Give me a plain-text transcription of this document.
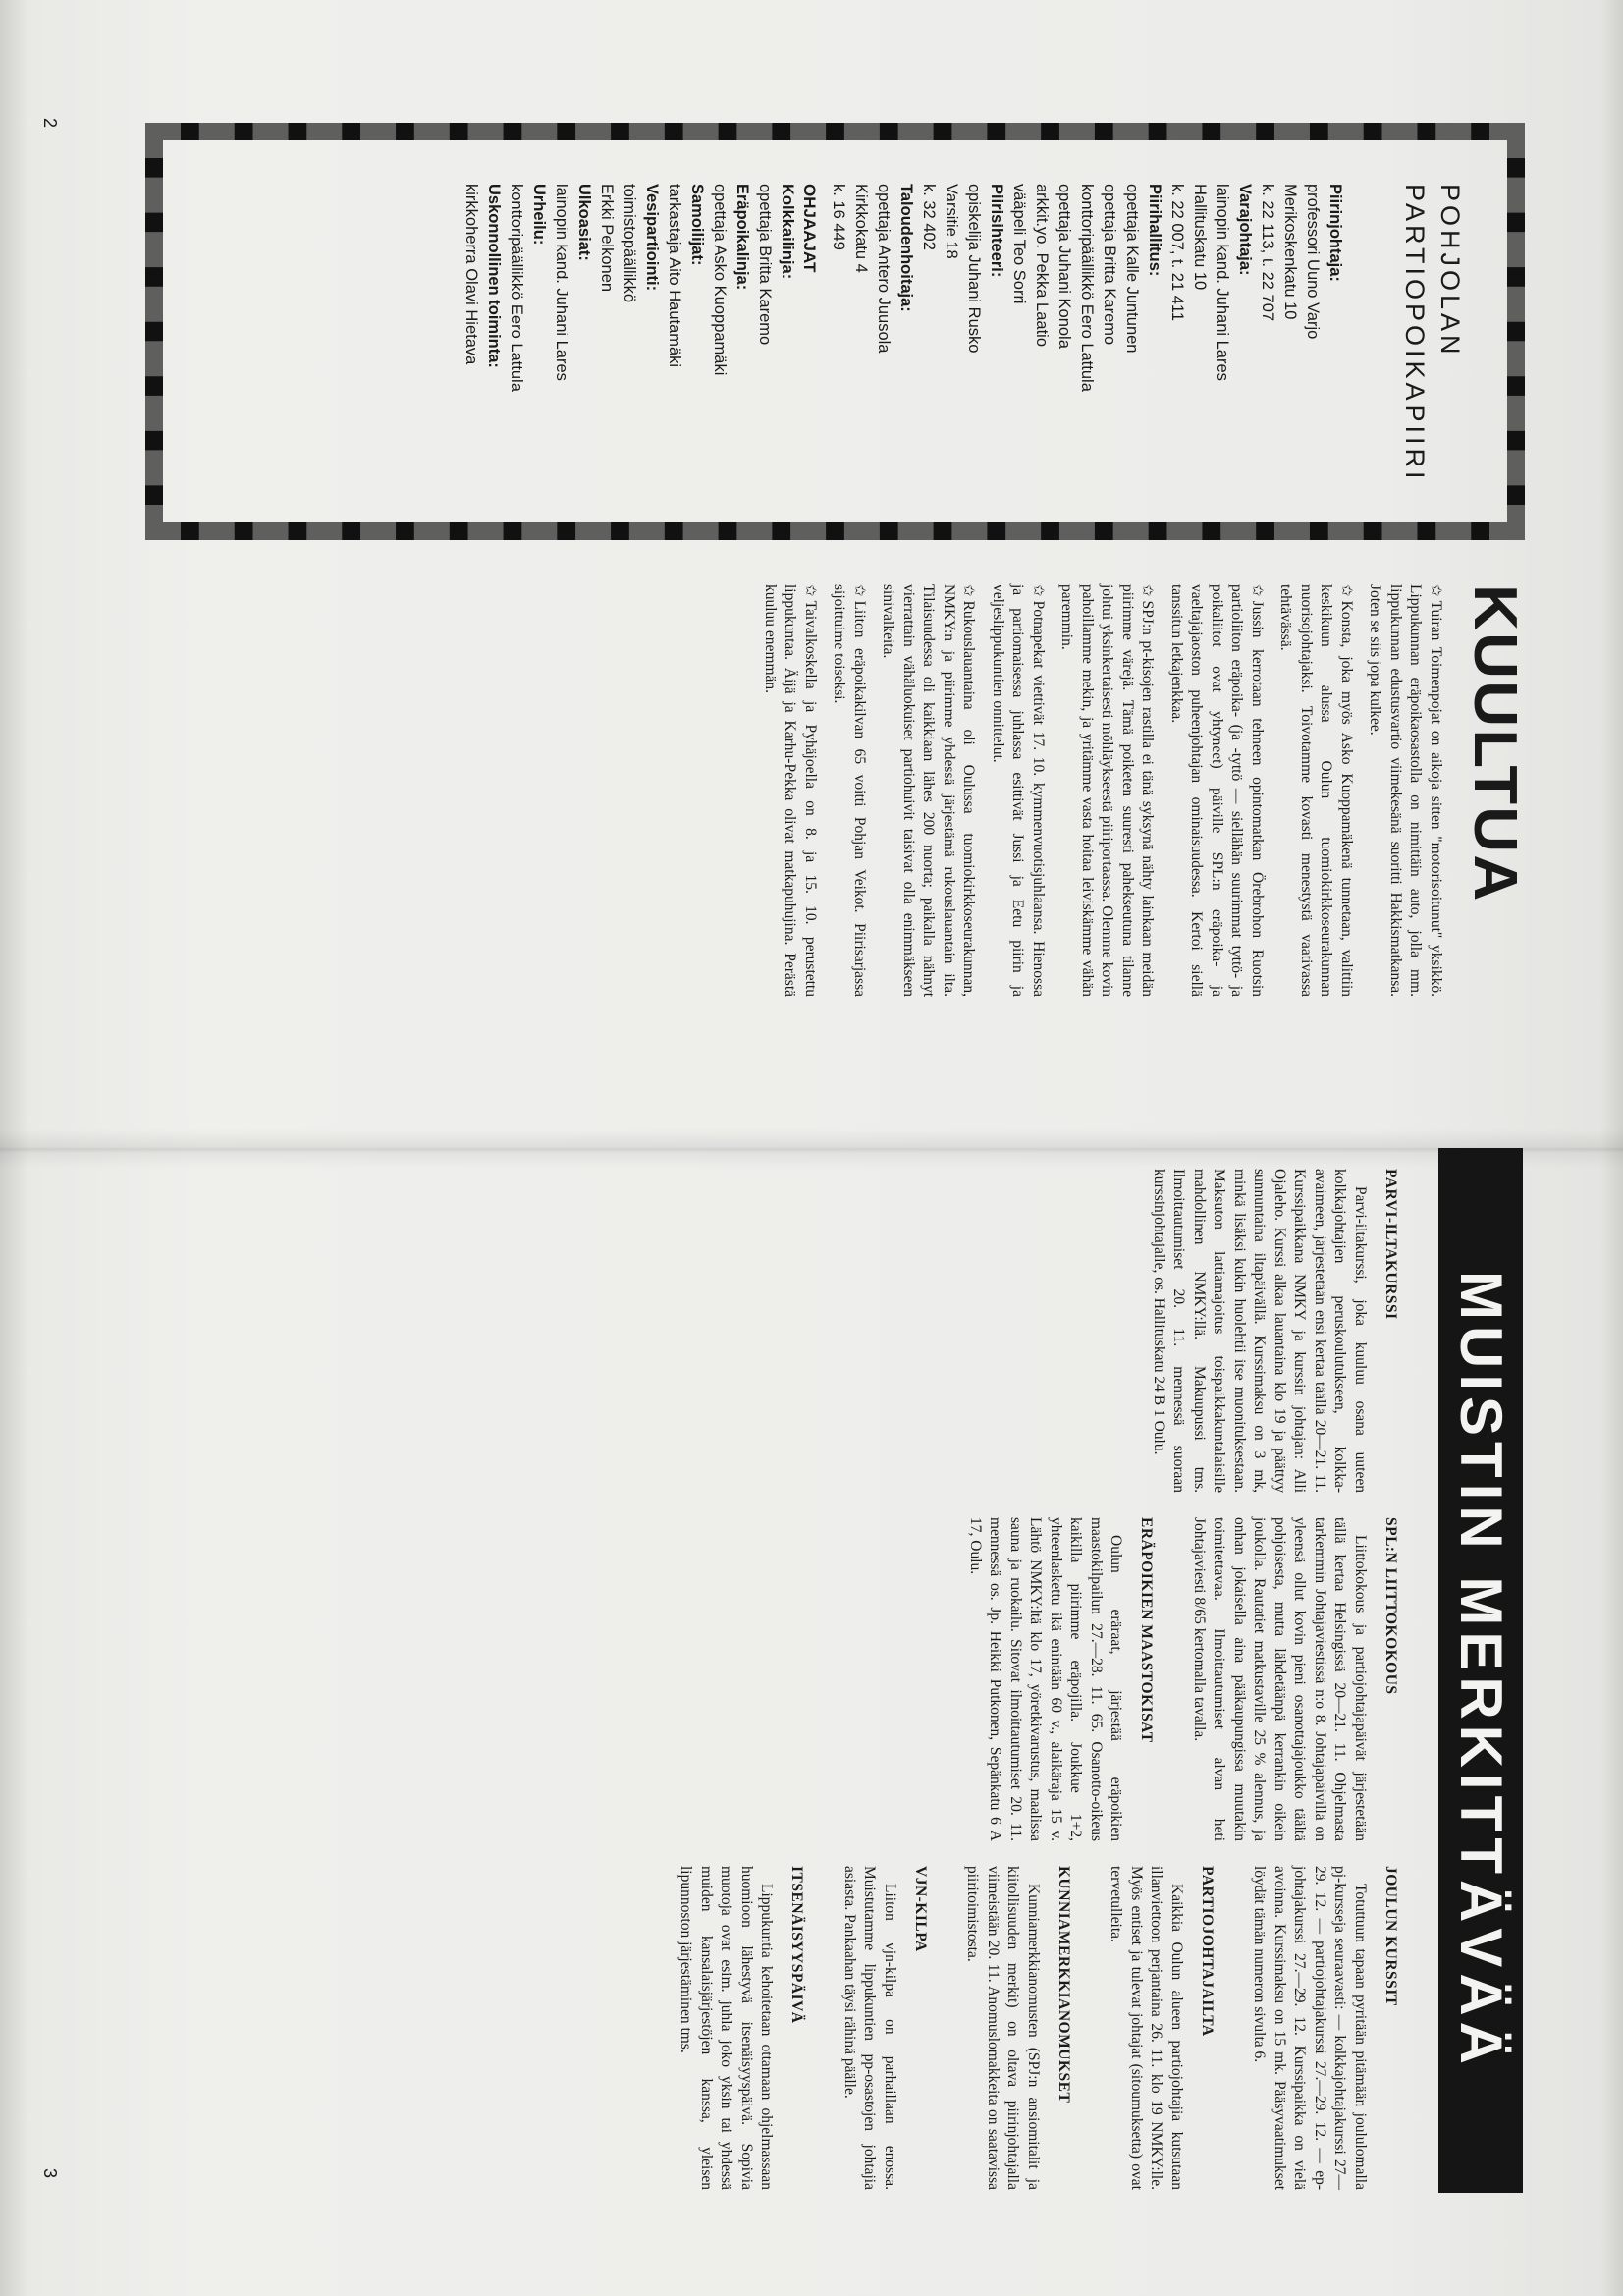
POHJOLAN
PARTIOPOIKAPIIRI
Piirinjohtaja:
professori Uuno Varjo
Merikoskenkatu 10
k. 22 113, t. 22 707
Varajohtaja:
lainopin kand. Juhani Lares
Hallituskatu 10
k. 22 007, t. 21 411
Piirihallitus:
opettaja Kalle Juntunen
opettaja Britta Karemo
konttoripäällikkö Eero Lattula
opettaja Juhani Konola
arkkit.yo. Pekka Laatio
vääpeli Teo Sorri
Piirisihteeri:
opiskelija Juhani Rusko
Varsitie 18
k. 32 402
Taloudenhoitaja:
opettaja Antero Juusola
Kirkkokatu 4
k. 16 449
OHJAAJAT
Kolkkailinja:
opettaja Britta Karemo
Eräpoikalinja:
opettaja Asko Kuoppamäki
Samoilijat:
tarkastaja Aito Hautamäki
Vesipartiointi:
toimistopäällikkö
Erkki Pelkonen
Ulkoasiat:
lainopin kand. Juhani Lares
Urheilu:
konttoripäällikkö Eero Lattula
Uskonnollinen toiminta:
kirkkoherra Olavi Hietava
KUULTUA

✩Tuiran Toimenpojat on aikoja sitten "motorisoitunut" yksikkö. Lippukunnan eräpoikaosastolla on nimittäin auto, jolla mm. lippukunnan edustusvartio viimekesänä suoritti Hakkismatkansa. Joten se siis jopa kulkee.

✩Konsta, joka myös Asko Kuoppamäkenä tunnetaan, valittiin keskikuun alussa Oulun tuomiokirkkoseurakunnan nuorisojohtajaksi. Toivotamme kovasti menestystä vaativassa tehtävässä.

✩Jussin kerrotaan tehneen opintomatkan Örebrohon Ruotsin partioliiton eräpoika- (ja -tyttö — siellähän suurimmat tyttö- ja poikaliitot ovat yhtyneet) päiville SPL:n eräpoika- ja vaeltajajaoston puheenjohtajan ominaisuudessa. Kertoi siellä tanssitun letkajenkkaa.

✩SPJ:n pt-kisojen rastilla ei tänä syksynä nähty lainkaan meidän piirimme värejä. Tämä poiketen suuresti pahekseutuna tilanne johtui yksinkertaisesti möhläykseestä piiriportaassa. Olemme kovin pahoillamme mekin, ja yritämme vasta hoitaa leiviskämme vähän paremmin.

✩Potnapekat viettivät 17. 10. kymmenvuotisjuhlaansa. Hienossa ja partiomaisessa juhlassa esittivät Jussi ja Eetu piirin ja veljeslippukuntien onnittelut.

✩Rukouslauantaina oli Oulussa tuomiokirkkoseurakunnan, NMKY:n ja piirimme yhdessä järjestämä rukouslauantain ilta. Tilaisuudessa oli kaikkiaan lähes 200 nuorta; paikalla nähnyt vierrattain vähäluokuiset partiohuivit taisivat olla enimmäkseen sinivalkeita.

✩Liiton eräpoikakilvan 65 voitti Pohjan Veikot. Piirisarjassa sijoittuime toiseksi.

✩Taivalkoskella ja Pyhäjoella on 8. ja 15. 10. perustettu lippukuntaa. Äijä ja Karhu-Pekka olivat matkapuhujina. Perästä kuuluu enemmän.

2
MUISTIN MERKITTÄVÄÄ
PARVI-ILTAKURSSI

Parvi-iltakurssi, joka kuuluu osana uuteen kolkkajohtajien peruskoulutukseen, kolkka-avaimeen, järjestetään ensi kertaa täällä 20—21. 11. Kurssipaikkana NMKY ja kurssin johtajan: Alli Ojaleho. Kurssi alkaa lauantaina klo 19 ja päättyy sunnuntaina iltapäivällä. Kurssimaksu on 3 mk, minkä lisäksi kukin huolehtii itse muonituksestaan. Maksuton lattiamajoitus toispaikkakuntalaisille mahdollinen NMKY:llä. Makuupussi tms. Ilmoittautumiset 20. 11. mennessä suoraan kurssinjohtajalle, os. Hallituskatu 24 B 1 Oulu.

JOULUN KURSSIT

Totuttuun tapaan pyritään pitämään joululomalla pj-kursseja seuraavasti: — kolkkajohtajakurssi 27—29. 12. — partiojohtajakurssi 27.—29. 12. — ep-johtajakurssi 27.—29. 12. Kurssipaikka on vielä avoinna. Kurssimaksu on 15 mk. Pääsyvaatimukset löydät tämän numeron sivulta 6.

PARTIOJOHTAJAILTA

Kaikkia Oulun alueen partiojohtajia kutsutaan illanviettoon perjantaina 26. 11. klo 19 NMKY:lle. Myös entiset ja tulevat johtajat (sitoumuksetta) ovat tervetulleita.

KUNNIAMERKKIANOMUKSET

Kunniamerkkianomusten (SPJ:n ansiomitalit ja kiitollisuuden merkit) on oltava piirinjohtajalla viimeistään 20. 11. Anomuslomakkeita on saatavissa piiritoimistosta.

VJN-KILPA

Liiton vjn-kilpa on parhaillaan enossa. Muistutamme lippukuntien pp-osastojen johtajia asiasta. Pankaahan täysi rähinä päälle.

ITSENÄISYYSPÄIVÄ

Lippukuntia kehoitetaan ottamaan ohjelmassaan huomioon lähestyvä itsenäisyyspäivä. Sopivia muotoja ovat esim. juhla joko yksin tai yhdessä muiden kansalaisjärjestöjen kanssa, yleisen lipunnoston järjestäminen tms.

3
SPL:N LIITTOKOKOUS

Liittokokous ja partiojohtajapäivät järjestetään tällä kertaa Helsingissä 20—21. 11. Ohjelmasta tarkemmin Johtajaviestissä n:o 8. Johtajapäivillä on yleensä ollut kovin pieni osanottajajoukko täältä pohjoisesta, mutta lähdetäänpä kerrankin oikein joukolla. Rautatiet matkustaville 25 % alennus, ja onhan jokaisella aina pääkaupungissa muutakin toimitettavaa. Ilmoittautumiset alvan heti Johtajaviesti 8/65 kertomalla tavalla.

ERÄPOIKIEN MAASTOKISAT

Oulun eräraat, järjestää eräpoikien maastokilpailun 27.—28. 11. 65. Osanotto-oikeus kaikilla piirimme eräpojilla. Joukkue 1+2, yhteenlaskettu ikä enintään 60 v., alaikäraja 15 v. Lähtö NMKY:ltä klo 17, yöretkivarustus, maalissa sauna ja ruokailu. Sitovat ilmoittautumiset 20. 11. mennessä os. Jp. Heikki Putkonen, Sepänkatu 6 A 17, Oulu.
